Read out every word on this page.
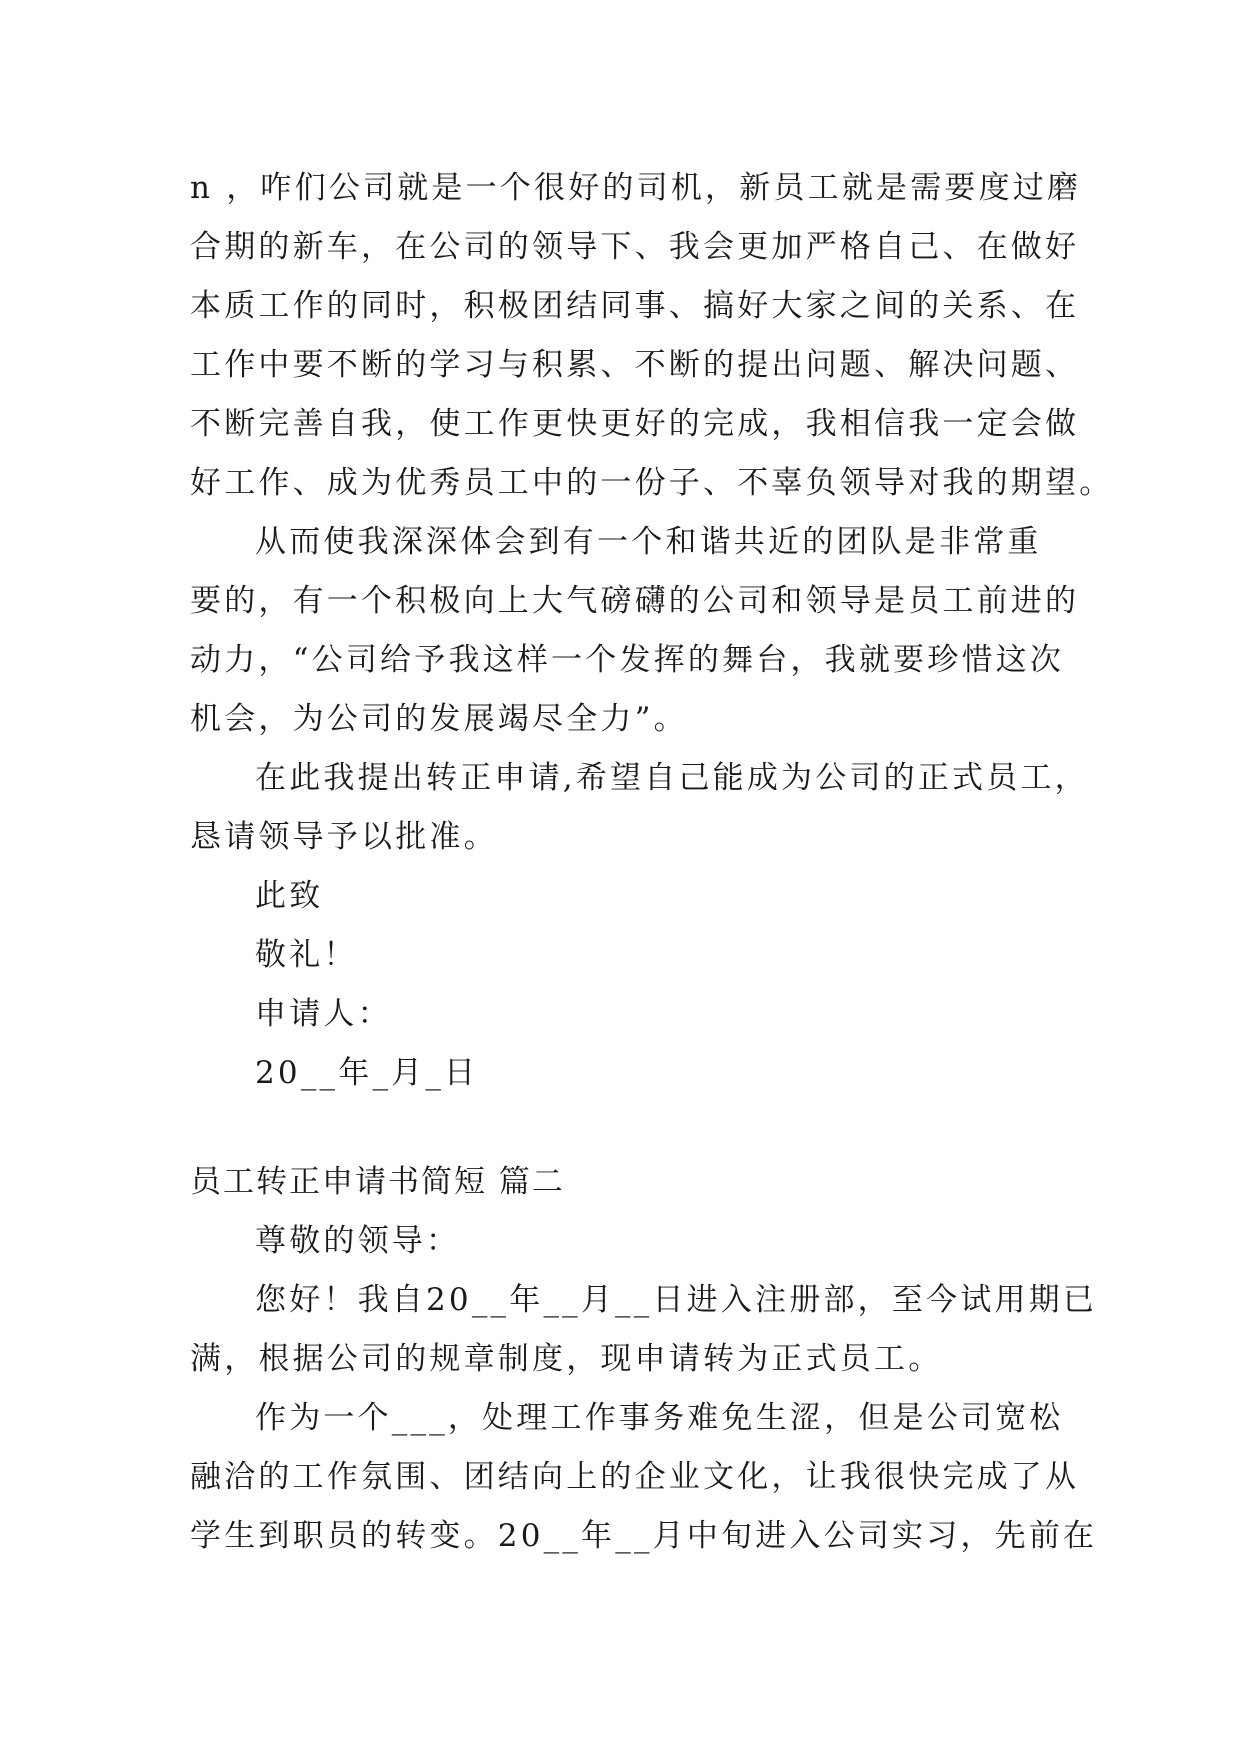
n ，咋们公司就是一个很好的司机，新员工就是需要度过磨
合期的新车，在公司的领导下、我会更加严格自己、在做好
本质工作的同时，积极团结同事、搞好大家之间的关系、在
工作中要不断的学习与积累、不断的提出问题、解决问题、
不断完善自我，使工作更快更好的完成，我相信我一定会做
好工作、成为优秀员工中的一份子、不辜负领导对我的期望。
从而使我深深体会到有一个和谐共近的团队是非常重
要的，有一个积极向上大气磅礴的公司和领导是员工前进的
动力，“公司给予我这样一个发挥的舞台，我就要珍惜这次
机会，为公司的发展竭尽全力”。
在此我提出转正申请,希望自己能成为公司的正式员工，
恳请领导予以批准。
此致
敬礼！
申请人：
20__年_月_日
员工转正申请书简短 篇二
尊敬的领导：
您好！我自20__年__月__日进入注册部，至今试用期已
满，根据公司的规章制度，现申请转为正式员工。
作为一个___，处理工作事务难免生涩，但是公司宽松
融洽的工作氛围、团结向上的企业文化，让我很快完成了从
学生到职员的转变。20__年__月中旬进入公司实习，先前在
